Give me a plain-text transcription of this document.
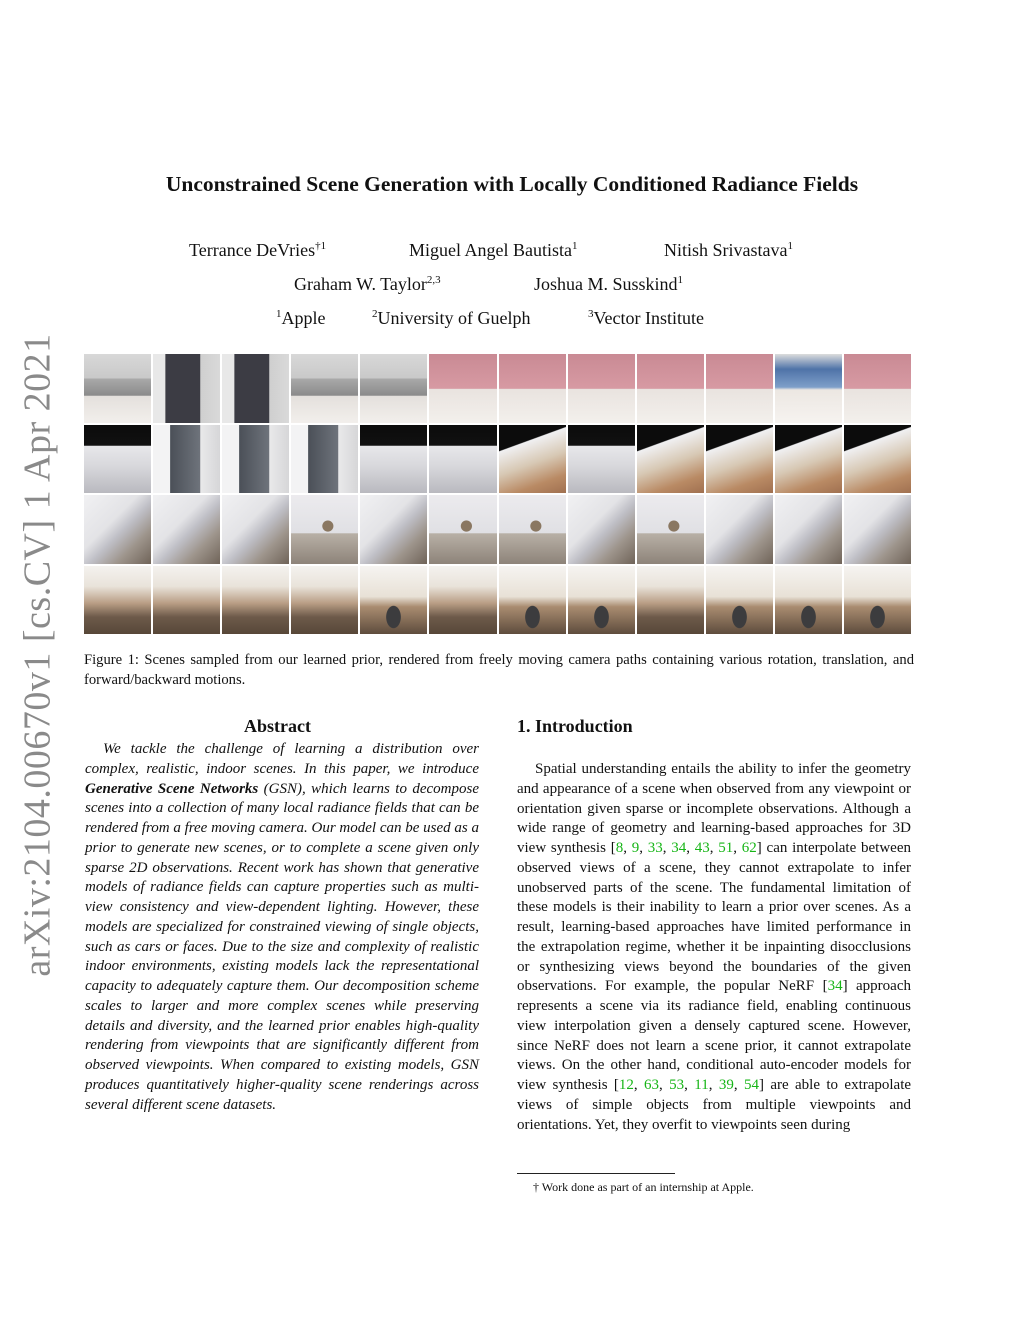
arXiv:2104.00670v1 [cs.CV] 1 Apr 2021
Unconstrained Scene Generation with Locally Conditioned Radiance Fields
Terrance DeVries$^{\dagger 1}$	Miguel Angel Bautista$^1$	Nitish Srivastava$^1$
Graham W. Taylor$^{2,3}$	Joshua M. Susskind$^1$
$^1$Apple	$^2$University of Guelph	$^3$Vector Institute
Figure 1: Scenes sampled from our learned prior, rendered from freely moving camera paths containing various rotation, translation, and forward/backward motions.
Abstract

We tackle the challenge of learning a distribution over complex, realistic, indoor scenes. In this paper, we introduce Generative Scene Networks (GSN), which learns to decompose scenes into a collection of many local radiance fields that can be rendered from a free moving camera. Our model can be used as a prior to generate new scenes, or to complete a scene given only sparse 2D observations. Recent work has shown that generative models of radiance fields can capture properties such as multi-view consistency and view-dependent lighting. However, these models are specialized for constrained viewing of single objects, such as cars or faces. Due to the size and complexity of realistic indoor environments, existing models lack the representational capacity to adequately capture them. Our decomposition scheme scales to larger and more complex scenes while preserving details and diversity, and the learned prior enables high-quality rendering from viewpoints that are significantly different from observed viewpoints. When compared to existing models, GSN produces quantitatively higher-quality scene renderings across several different scene datasets.

1. Introduction

Spatial understanding entails the ability to infer the geometry and appearance of a scene when observed from any viewpoint or orientation given sparse or incomplete observations. Although a wide range of geometry and learning-based approaches for 3D view synthesis [8, 9, 33, 34, 43, 51, 62] can interpolate between observed views of a scene, they cannot extrapolate to infer unobserved parts of the scene. The fundamental limitation of these models is their inability to learn a prior over scenes. As a result, learning-based approaches have limited performance in the extrapolation regime, whether it be inpainting disocclusions or synthesizing views beyond the boundaries of the given observations. For example, the popular NeRF [34] approach represents a scene via its radiance field, enabling continuous view interpolation given a densely captured scene. However, since NeRF does not learn a scene prior, it cannot extrapolate views. On the other hand, conditional auto-encoder models for view synthesis [12, 63, 53, 11, 39, 54] are able to extrapolate views of simple objects from multiple viewpoints and orientations. Yet, they overfit to viewpoints seen during

† Work done as part of an internship at Apple.
